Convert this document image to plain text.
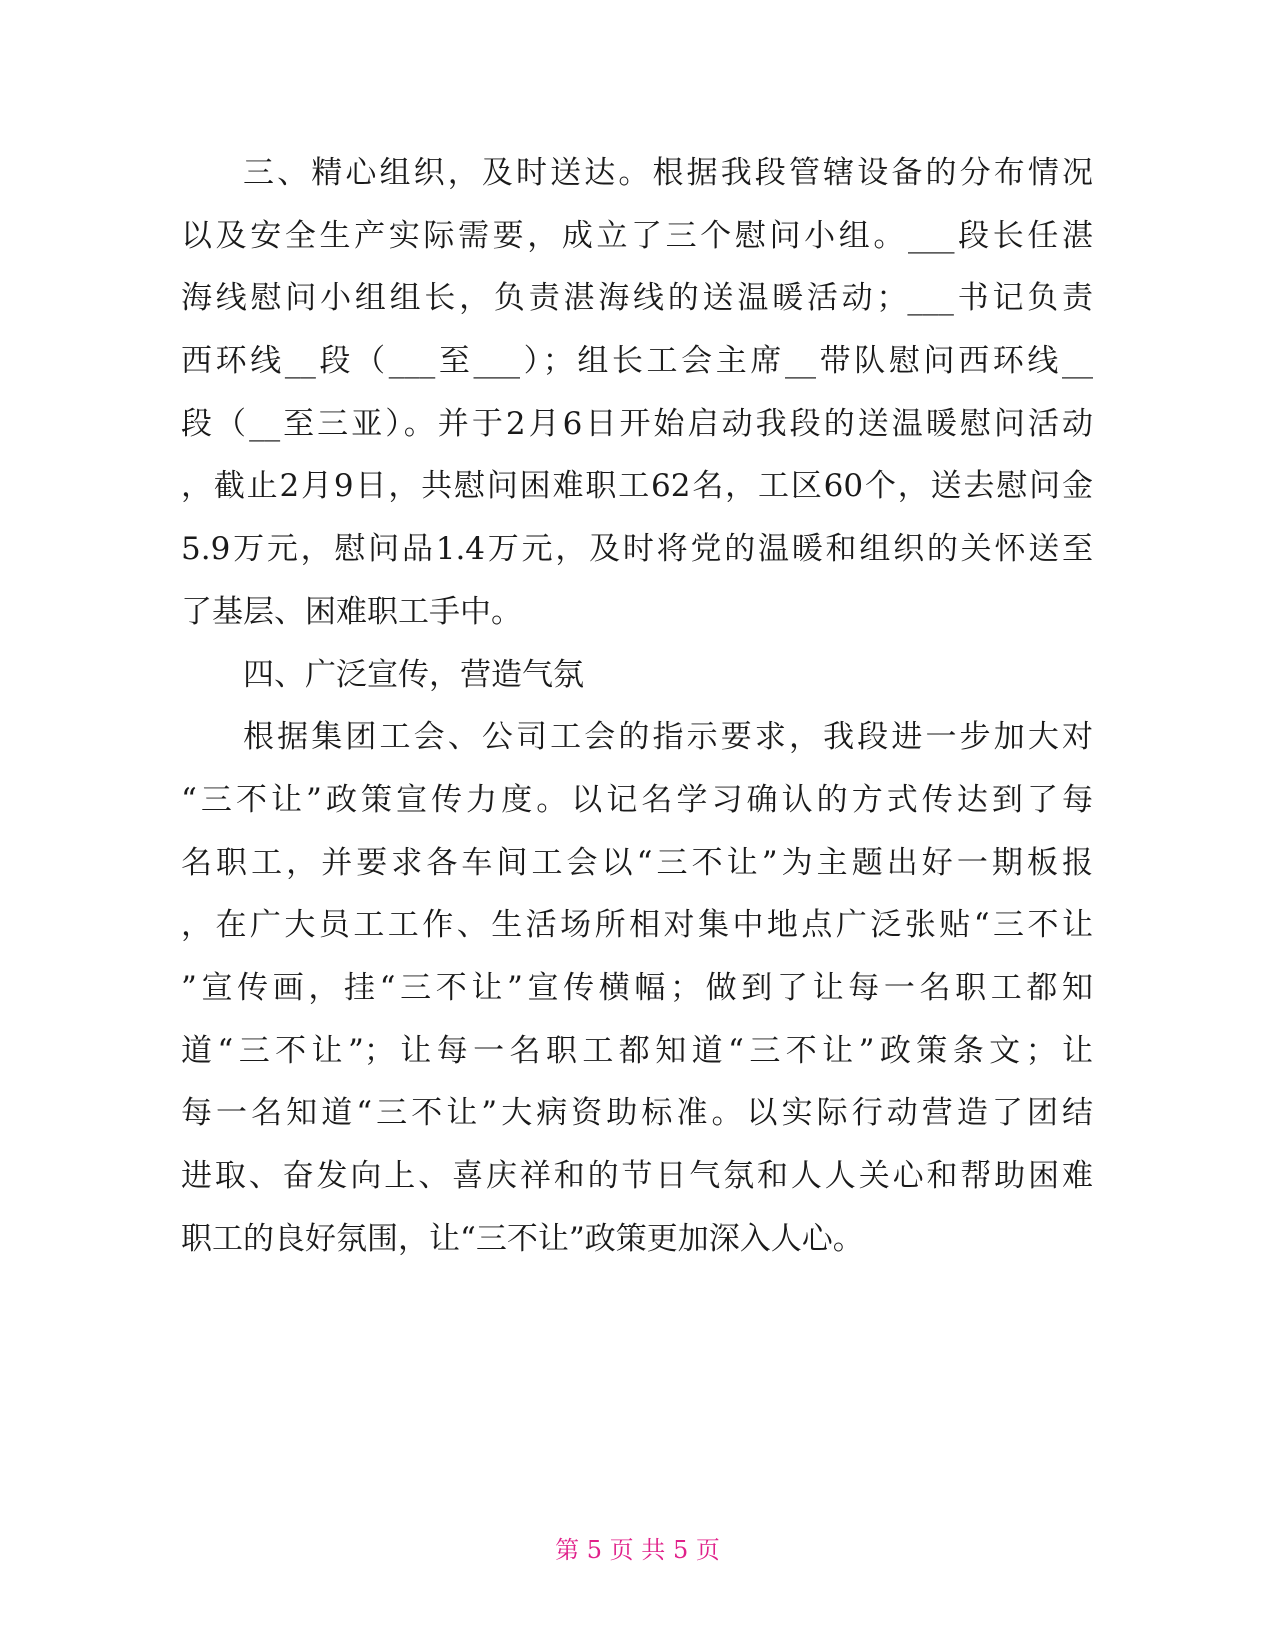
三、精心组织，及时送达。根据我段管辖设备的分布情况
以及安全生产实际需要，成立了三个慰问小组。___段长任湛
海线慰问小组组长，负责湛海线的送温暖活动；___书记负责
西环线__段（___至___）；组长工会主席__带队慰问西环线__
段（__至三亚）。并于2月6日开始启动我段的送温暖慰问活动
，截止2月9日，共慰问困难职工62名，工区60个，送去慰问金
5.9万元，慰问品1.4万元，及时将党的温暖和组织的关怀送至
了基层、困难职工手中。
四、广泛宣传，营造气氛
根据集团工会、公司工会的指示要求，我段进一步加大对
“三不让”政策宣传力度。以记名学习确认的方式传达到了每
名职工，并要求各车间工会以“三不让”为主题出好一期板报
，在广大员工工作、生活场所相对集中地点广泛张贴“三不让
”宣传画，挂“三不让”宣传横幅；做到了让每一名职工都知
道“三不让”；让每一名职工都知道“三不让”政策条文；让
每一名知道“三不让”大病资助标准。以实际行动营造了团结
进取、奋发向上、喜庆祥和的节日气氛和人人关心和帮助困难
职工的良好氛围，让“三不让”政策更加深入人心。
第 5 页 共 5 页
